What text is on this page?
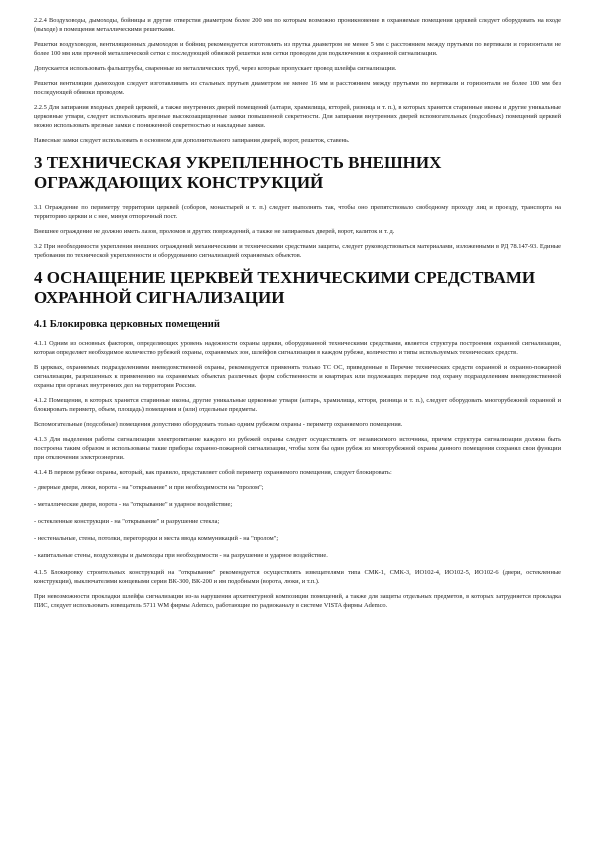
2.2.4 Воздуховоды, дымоходы, бойницы и другие отверстия диаметром более 200 мм по которым возможно проникновение в охраняемые помещения церквей следует оборудовать на входе (выходе) в помещения металлическими решетками.
Решетки воздуховодов, вентиляционных дымоходов и бойниц рекомендуется изготовлять из прутка диаметром не менее 5 мм с расстоянием между прутьями по вертикали и горизонтали не более 100 мм или прочной металлической сетки с последующей обвязкой решетки или сетки проводом для подключения к охранной сигнализации.
Допускается использовать фальштрубы, сваренные из металлических труб, через которые пропускает провод шлейфа сигнализации.
Решетки вентиляции дымоходов следует изготавливать из стальных прутьев диаметром не менее 16 мм и расстоянием между прутьями по вертикали и горизонтали не более 100 мм без последующей обвязки проводом.
2.2.5 Для запирания входных дверей церквей, а также внутренних дверей помещений (алтари, храмилища, ктторей, ризница и т. п.), в которых хранятся старинные иконы и другие уникальные церковные утвари, следует использовать врезные высокозащищенные замки повышенной секретности. Для запирания внутренних дверей вспомогательных (подсобных) помещений церквей можно использовать врезные замки с пониженной секретностью и накладные замки.
Навесные замки следует использовать в основном для дополнительного запирания дверей, ворот, решеток, ставень.
3 ТЕХНИЧЕСКАЯ УКРЕПЛЕННОСТЬ ВНЕШНИХ ОГРАЖДАЮЩИХ КОНСТРУКЦИЙ
3.1 Ограждение по периметру территории церквей (соборов, монастырей и т. п.) следует выполнять так, чтобы оно препятствовало свободному проходу лиц и проезду, транспорта на территорию церкви и с нее, минуя отпорочный пост.
Внешнее ограждение не должно иметь лазов, проломов и других повреждений, а также не запираемых дверей, ворот, калиток и т. д.
3.2 При необходимости укрепления внешних ограждений механическими и техническими средствами защиты, следует руководствоваться материалами, изложенными в РД 78.147-93. Единые требования по технической укрепленности и оборудованию сигнализацией охраняемых объектов.
4 ОСНАЩЕНИЕ ЦЕРКВЕЙ ТЕХНИЧЕСКИМИ СРЕДСТВАМИ ОХРАННОЙ СИГНАЛИЗАЦИИ
4.1 Блокировка церковных помещений
4.1.1 Одним из основных факторов, определяющих уровень надежности охраны церкви, оборудованной техническими средствами, является структура построения охранной сигнализации, которая определяет необходимое количество рубежей охраны, охраняемых зон, шлейфов сигнализации в каждом рубеже, количество и типы используемых технических средств.
В церквах, охраняемых подразделениями вневедомственной охраны, рекомендуется применять только ТС ОС, приведенные в Перечне технических средств охранной и охранно-пожарной сигнализации, разрешенных к применению на охраняемых объектах различных форм собственности и квартирах или подлежащих передаче под охрану подразделениям вневедомственной охраны при органах внутренних дел на территории России.
4.1.2 Помещения, в которых хранятся старинные иконы, другие уникальные церковные утвари (алтарь, храмилища, ктторя, ризница и т. п.), следует оборудовать многорубежной охранной и блокировать периметр, объем, площадь) помещения и (или) отдельные предметы.
Вспомогательные (подсобные) помещения допустимо оборудовать только одним рубежом охраны - периметр охраняемого помещения.
4.1.3 Для выделения работы сигнализации электропитание каждого из рубежей охраны следует осуществлять от независимого источника, причем структура сигнализации должна быть построена таким образом и использованы такие приборы охранно-пожарной сигнализации, чтобы хотя бы один рубеж из многорубежной охраны данного помещения сохранял свои функции при отключении электроэнергии.
4.1.4 В первом рубеже охраны, который, как правило, представляет собой периметр охраняемого помещения, следует блокировать:
- дверные двери, люки, ворота - на "открывание" и при необходимости на "пролом";
- металлические двери, ворота - на "открывание" и ударное воздействие;
- остекленные конструкции - на "открывание" и разрушение стекла;
- нестенальные, стены, потолки, перегородки и места ввода коммуникаций - на "пролом";
- капитальные стены, воздуховоды и дымоходы при необходимости - на разрушение и ударное воздействие.
4.1.5 Блокировку строительных конструкций на "открывание" рекомендуется осуществлять извещателями типа СМК-1, СМК-3, ИО102-4, ИО102-5, ИО102-6 (двери, остекленные конструкции), выключателями концевыми серии ВК-300, ВК-200 и им подобными (ворота, люки, и т.п.).
При невозможности прокладки шлейфа сигнализации из-за нарушения архитектурной композиции помещений, а также для защиты отдельных предметов, в которых затрудняется прокладка ПИС, следует использовать извещатель 5711 WM фирмы Ademco, работающие по радиоканалу в системе VISTA фирмы Ademco.
